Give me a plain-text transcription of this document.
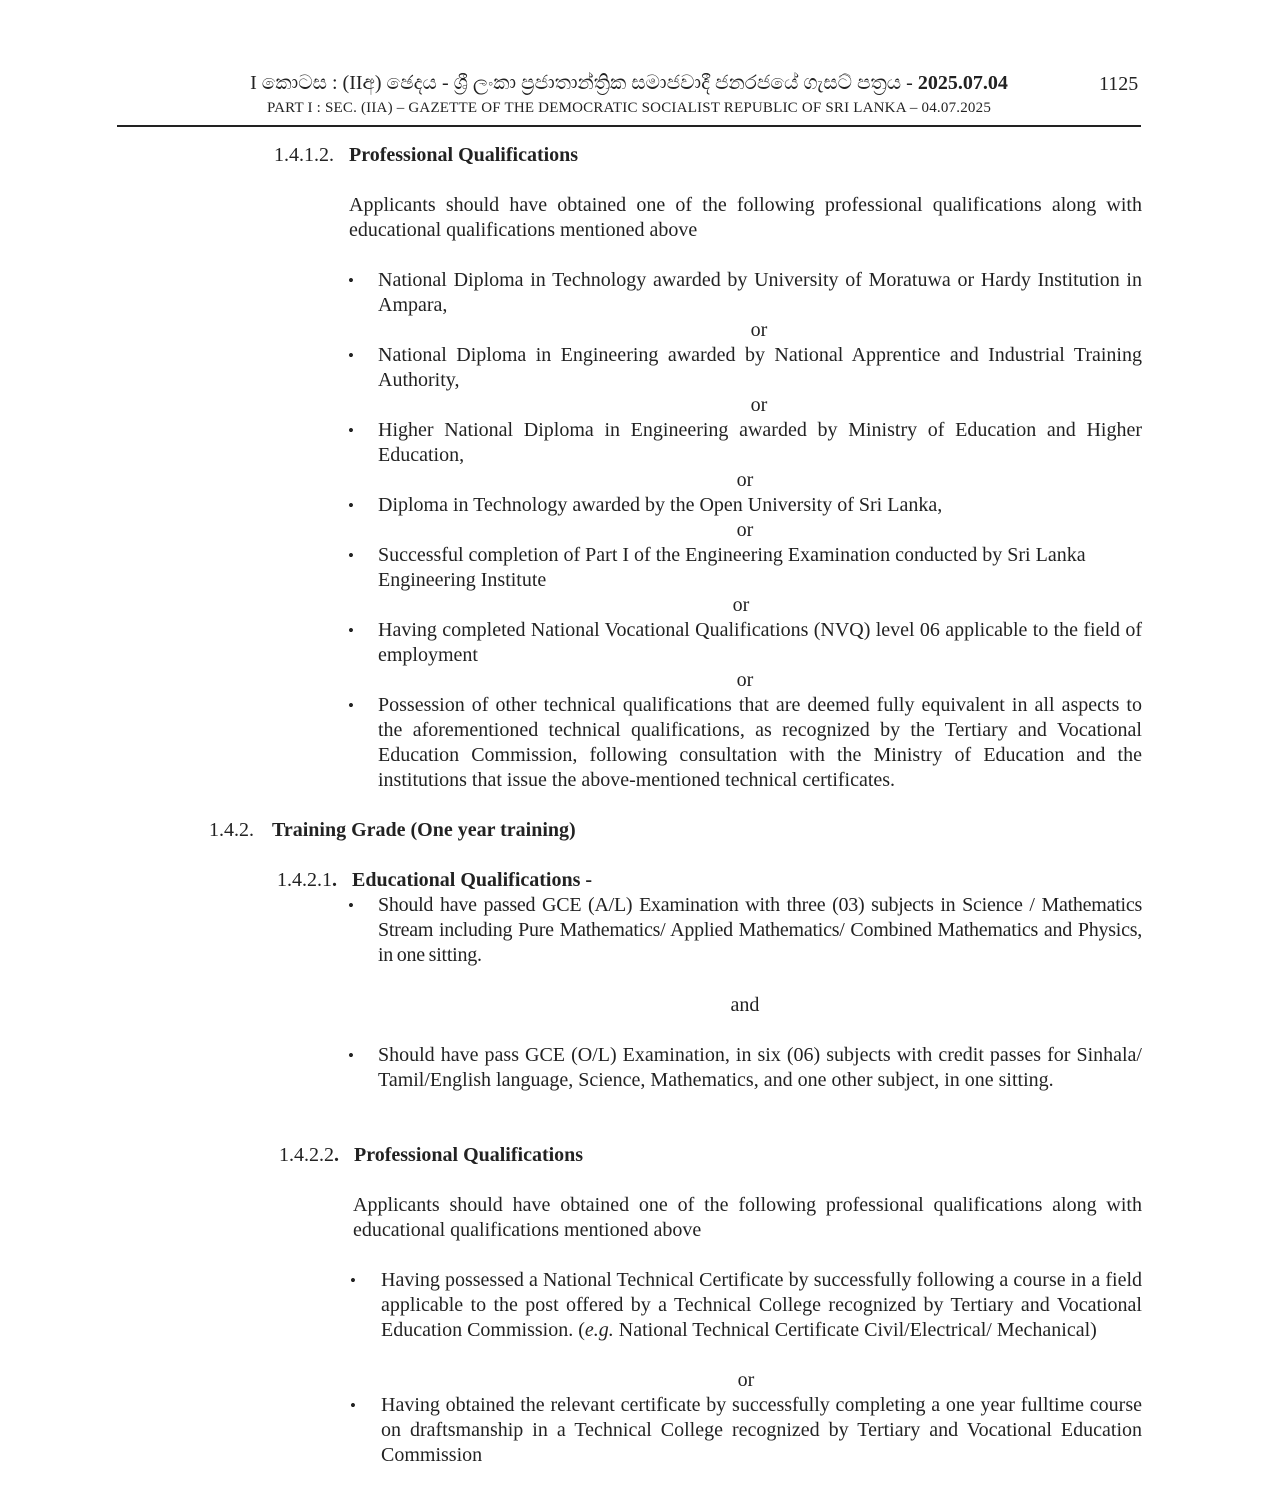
I කොටස : (IIඅ) ඡෙදය - ශ්‍රී ලංකා ප්‍රජාතාන්ත්‍රික සමාජවාදී ජනරජයේ ගැසට් පත්‍රය - 2025.07.04
PART I : SEC. (IIA) – GAZETTE OF THE DEMOCRATIC SOCIALIST REPUBLIC OF SRI LANKA – 04.07.2025
1125
1.4.1.2. Professional Qualifications
Applicants should have obtained one of the following professional qualifications along with educational qualifications mentioned above
• National Diploma in Technology awarded by University of Moratuwa or Hardy Institution in Ampara,
or
• National Diploma in Engineering awarded by National Apprentice and Industrial Training Authority,
or
• Higher National Diploma in Engineering awarded by Ministry of Education and Higher Education,
or
• Diploma in Technology awarded by the Open University of Sri Lanka,
or
• Successful completion of Part I of the Engineering Examination conducted by Sri Lanka Engineering Institute
or
• Having completed National Vocational Qualifications (NVQ) level 06 applicable to the field of employment
or
• Possession of other technical qualifications that are deemed fully equivalent in all aspects to the aforementioned technical qualifications, as recognized by the Tertiary and Vocational Education Commission, following consultation with the Ministry of Education and the institutions that issue the above-mentioned technical certificates.
1.4.2. Training Grade (One year training)
1.4.2.1. Educational Qualifications -
• Should have passed GCE (A/L) Examination with three (03) subjects in Science / Mathematics Stream including Pure Mathematics/ Applied Mathematics/ Combined Mathematics and Physics, in one sitting.
and
• Should have pass GCE (O/L) Examination, in six (06) subjects with credit passes for Sinhala/ Tamil/English language, Science, Mathematics, and one other subject, in one sitting.
1.4.2.2. Professional Qualifications
Applicants should have obtained one of the following professional qualifications along with educational qualifications mentioned above
• Having possessed a National Technical Certificate by successfully following a course in a field applicable to the post offered by a Technical College recognized by Tertiary and Vocational Education Commission. (e.g. National Technical Certificate Civil/Electrical/ Mechanical)
or
• Having obtained the relevant certificate by successfully completing a one year fulltime course on draftsmanship in a Technical College recognized by Tertiary and Vocational Education Commission
